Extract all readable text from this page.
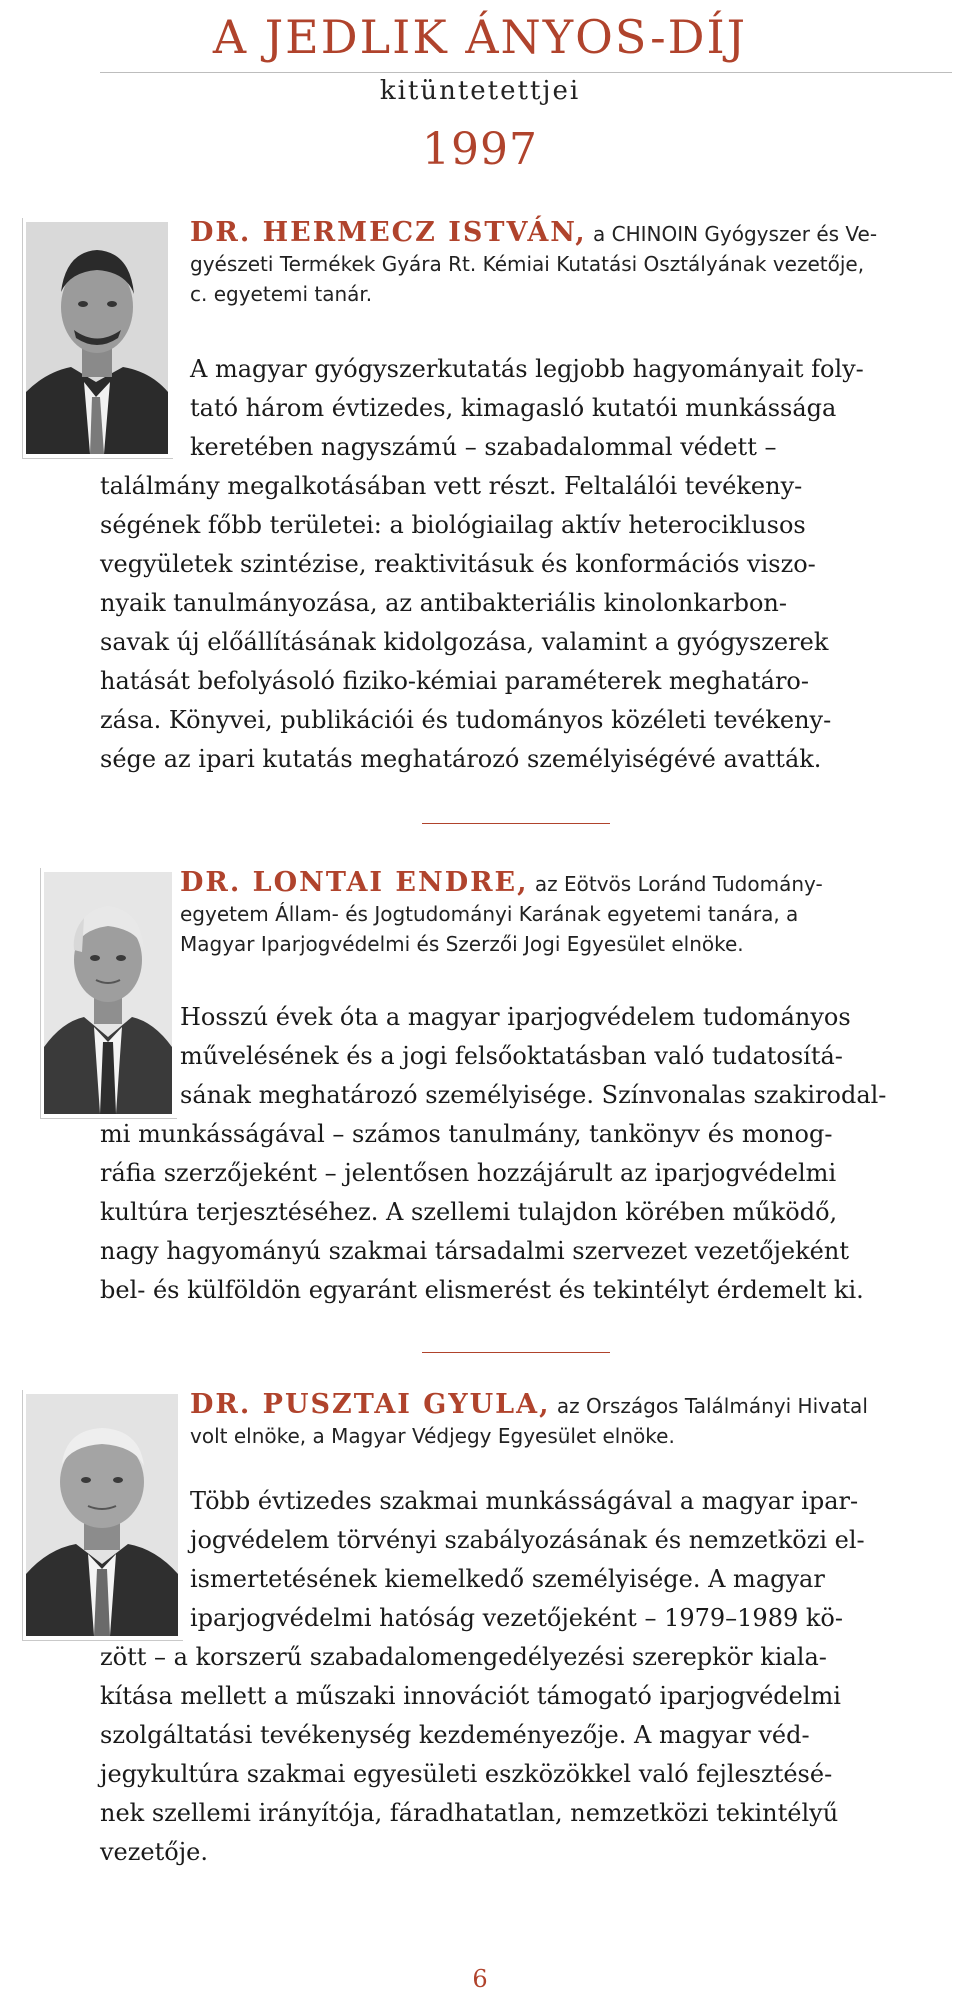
A JEDLIK ÁNYOS-DÍJ
kitüntetettjei
1997
DR. HERMECZ ISTVÁN, a CHINOIN Gyógyszer és Ve-
gyészeti Termékek Gyára Rt. Kémiai Kutatási Osztályának vezetője,
c. egyetemi tanár.
A magyar gyógyszerkutatás legjobb hagyományait foly-
tató három évtizedes, kimagasló kutatói munkássága
keretében nagyszámú – szabadalommal védett –
találmány megalkotásában vett részt. Feltalálói tevékeny-
ségének főbb területei: a biológiailag aktív heterociklusos
vegyületek szintézise, reaktivitásuk és konformációs viszo-
nyaik tanulmányozása, az antibakteriális kinolonkarbon-
savak új előállításának kidolgozása, valamint a gyógyszerek
hatását befolyásoló fiziko-kémiai paraméterek meghatáro-
zása. Könyvei, publikációi és tudományos közéleti tevékeny-
sége az ipari kutatás meghatározó személyiségévé avatták.
DR. LONTAI ENDRE, az Eötvös Loránd Tudomány-
egyetem Állam- és Jogtudományi Karának egyetemi tanára, a
Magyar Iparjogvédelmi és Szerzői Jogi Egyesület elnöke.
Hosszú évek óta a magyar iparjogvédelem tudományos
művelésének és a jogi felsőoktatásban való tudatosítá-
sának meghatározó személyisége. Színvonalas szakirodal-
mi munkásságával – számos tanulmány, tankönyv és monog-
ráfia szerzőjeként – jelentősen hozzájárult az iparjogvédelmi
kultúra terjesztéséhez. A szellemi tulajdon körében működő,
nagy hagyományú szakmai társadalmi szervezet vezetőjeként
bel- és külföldön egyaránt elismerést és tekintélyt érdemelt ki.
DR. PUSZTAI GYULA, az Országos Találmányi Hivatal
volt elnöke, a Magyar Védjegy Egyesület elnöke.
Több évtizedes szakmai munkásságával a magyar ipar-
jogvédelem törvényi szabályozásának és nemzetközi el-
ismertetésének kiemelkedő személyisége. A magyar
iparjogvédelmi hatóság vezetőjeként – 1979–1989 kö-
zött – a korszerű szabadalomengedélyezési szerepkör kiala-
kítása mellett a műszaki innovációt támogató iparjogvédelmi
szolgáltatási tevékenység kezdeményezője. A magyar véd-
jegykultúra szakmai egyesületi eszközökkel való fejlesztésé-
nek szellemi irányítója, fáradhatatlan, nemzetközi tekintélyű
vezetője.
6
